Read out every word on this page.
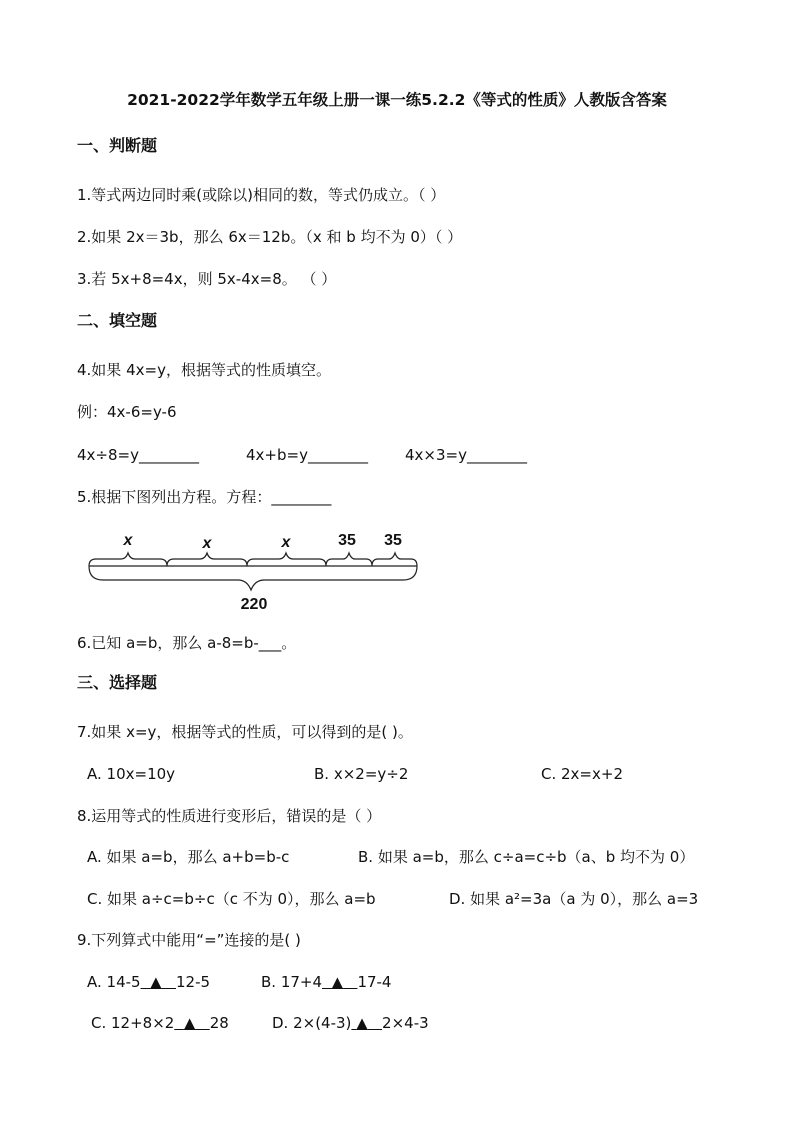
2021-2022学年数学五年级上册一课一练5.2.2《等式的性质》人教版含答案
一、判断题
1.等式两边同时乘(或除以)相同的数，等式仍成立。（ ）
2.如果 2x＝3b，那么 6x＝12b。（x 和 b 均不为 0）（ ）
3.若 5x+8=4x，则 5x-4x=8。 （ ）
二、填空题
4.如果 4x=y，根据等式的性质填空。
例：4x-6=y-6
4x÷8=y________	4x+b=y________ 4x×3=y________
5.根据下图列出方程。方程：________
x	x	x	35 35
220
6.已知 a=b，那么 a-8=b-___。
三、选择题
7.如果 x=y，根据等式的性质，可以得到的是( )。
A. 10x=10y	B. x×2=y÷2	C. 2x=x+2
8.运用等式的性质进行变形后，错误的是（ ）
A. 如果 a=b，那么 a+b=b-c	B. 如果 a=b，那么 c÷a=c÷b（a、b 均不为 0）
C. 如果 a÷c=b÷c（c 不为 0），那么 a=b	D. 如果 a²=3a（a 为 0），那么 a=3
9.下列算式中能用“=”连接的是( )
A. 14-5 ▲ 12-5	B. 17+4 ▲ 17-4
C. 12+8×2 ▲ 28	D. 2×(4-3) ▲ 2×4-3
